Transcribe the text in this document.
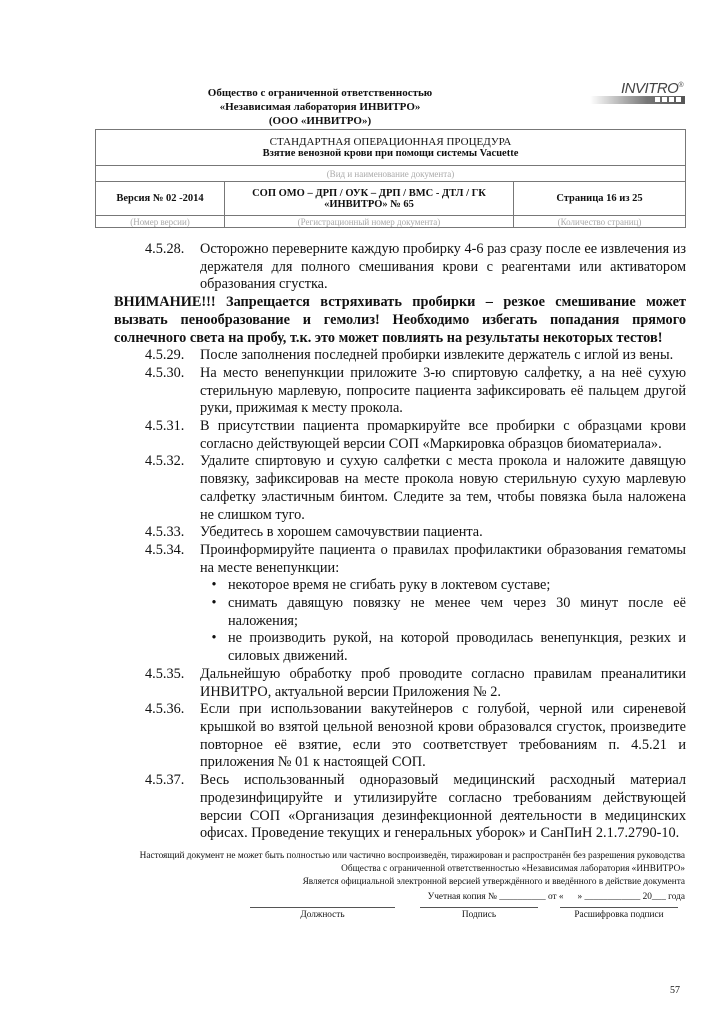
Общество с ограниченной ответственностью
«Независимая лаборатория ИНВИТРО»
(ООО «ИНВИТРО»)
INVITRO®
СТАНДАРТНАЯ ОПЕРАЦИОННАЯ ПРОЦЕДУРА
Взятие венозной крови при помощи системы Vacuette		

(Вид и наименование документа)		
Версия № 02 -2014	СОП ОМО – ДРП / ОУК – ДРП / ВМС - ДТЛ / ГК «ИНВИТРО» № 65	Страница 16 из 25
(Номер версии)	(Регистрационный номер документа)	(Количество страниц)
4.5.28.	Осторожно переверните каждую пробирку 4-6 раз сразу после ее извлечения из держателя для полного смешивания крови с реагентами или активатором образования сгустка.
ВНИМАНИЕ!!! Запрещается встряхивать пробирки – резкое смешивание может вызвать пенообразование и гемолиз! Необходимо избегать попадания прямого солнечного света на пробу, т.к. это может повлиять на результаты некоторых тестов!
4.5.29.	После заполнения последней пробирки извлеките держатель с иглой из вены.
4.5.30.	На место венепункции приложите 3-ю спиртовую салфетку, а на неё сухую стерильную марлевую, попросите пациента зафиксировать её пальцем другой руки, прижимая к месту прокола.
4.5.31.	В присутствии пациента промаркируйте все пробирки с образцами крови согласно действующей версии СОП «Маркировка образцов биоматериала».
4.5.32.	Удалите спиртовую и сухую салфетки с места прокола и наложите давящую повязку, зафиксировав на месте прокола новую стерильную сухую марлевую салфетку эластичным бинтом. Следите за тем, чтобы повязка была наложена не слишком туго.
4.5.33.	Убедитесь в хорошем самочувствии пациента.
4.5.34.	Проинформируйте пациента о правилах профилактики образования гематомы на месте венепункции:
• некоторое время не сгибать руку в локтевом суставе;
• снимать давящую повязку не менее чем через 30 минут после её наложения;
• не производить рукой, на которой проводилась венепункция, резких и силовых движений.
4.5.35.	Дальнейшую обработку проб проводите согласно правилам преаналитики ИНВИТРО, актуальной версии Приложения № 2.
4.5.36.	Если при использовании вакутейнеров с голубой, черной или сиреневой крышкой во взятой цельной венозной крови образовался сгусток, произведите повторное её взятие, если это соответствует требованиям п. 4.5.21 и приложения № 01 к настоящей СОП.
4.5.37.	Весь использованный одноразовый медицинский расходный материал продезинфицируйте и утилизируйте согласно требованиям действующей версии СОП «Организация дезинфекционной деятельности в медицинских офисах. Проведение текущих и генеральных уборок» и СанПиН 2.1.7.2790-10.
Настоящий документ не может быть полностью или частично воспроизведён, тиражирован и распространён без разрешения руководства
Общества с ограниченной ответственностью «Независимая лаборатория «ИНВИТРО»
Является официальной электронной версией утверждённого и введённого в действие документа
Учетная копия № __________ от «      » ____________ 20___ года
Должность	Подпись	Расшифровка подписи
57
